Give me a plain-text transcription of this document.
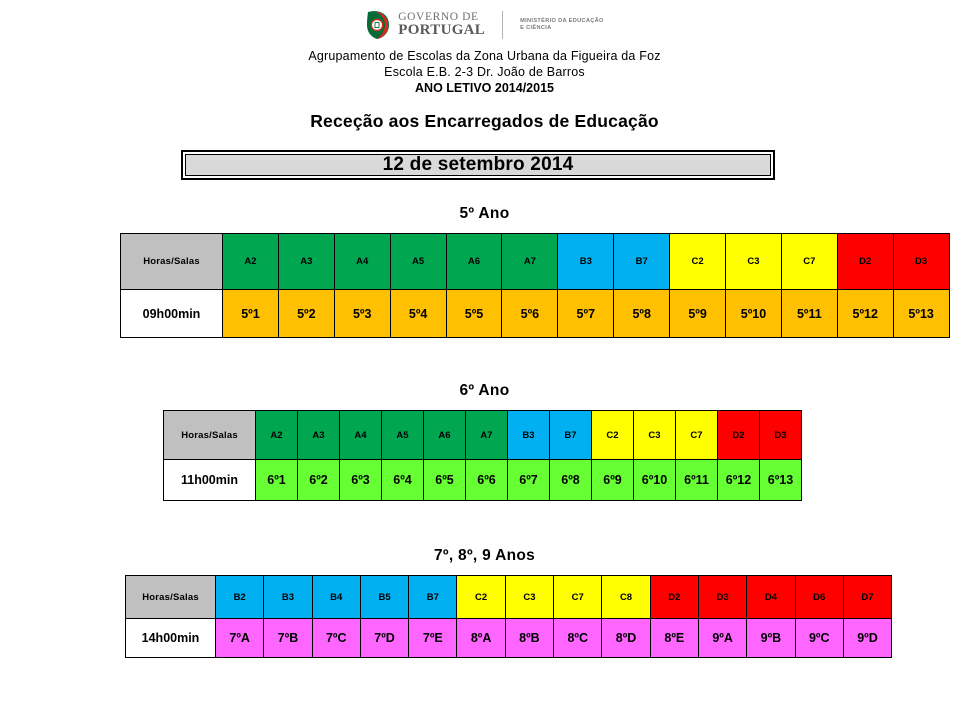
GOVERNO DE
PORTUGAL
MINISTÉRIO DA EDUCAÇÃO
E CIÊNCIA
Agrupamento de Escolas da Zona Urbana da Figueira da Foz
Escola E.B. 2-3 Dr. João de Barros
ANO LETIVO 2014/2015
Receção aos Encarregados de Educação
12 de setembro 2014
5º Ano
Horas/Salas	A2	A3	A4	A5	A6	A7	B3	B7	C2	C3	C7	D2	D3
09h00min	5º1	5º2	5º3	5º4	5º5	5º6	5º7	5º8	5º9	5º10	5º11	5º12	5º13
6º Ano
Horas/Salas	A2	A3	A4	A5	A6	A7	B3	B7	C2	C3	C7	D2	D3
11h00min	6º1	6º2	6º3	6º4	6º5	6º6	6º7	6º8	6º9	6º10	6º11	6º12	6º13
7º, 8º, 9 Anos
Horas/Salas	B2	B3	B4	B5	B7	C2	C3	C7	C8	D2	D3	D4	D6	D7
14h00min	7ºA	7ºB	7ºC	7ºD	7ºE	8ºA	8ºB	8ºC	8ºD	8ºE	9ºA	9ºB	9ºC	9ºD
